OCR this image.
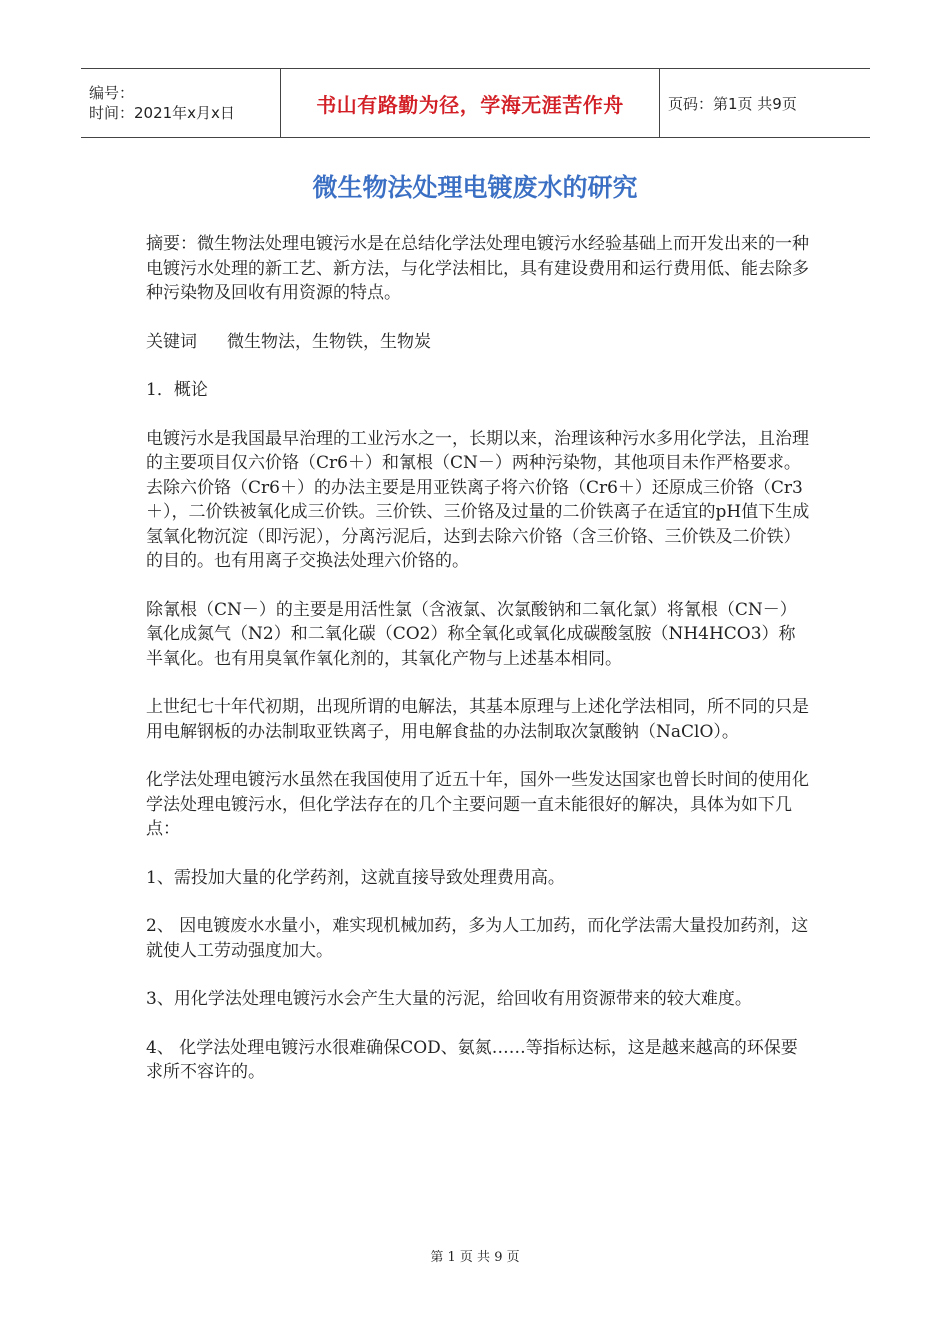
编号：
时间：2021年x月x日	书山有路勤为径，学海无涯苦作舟	页码：第1页 共9页
微生物法处理电镀废水的研究

摘要：微生物法处理电镀污水是在总结化学法处理电镀污水经验基础上而开发出来的一种电镀污水处理的新工艺、新方法，与化学法相比，具有建设费用和运行费用低、能去除多种污染物及回收有用资源的特点。

关键词 微生物法，生物铁，生物炭

1．概论

电镀污水是我国最早治理的工业污水之一，长期以来，治理该种污水多用化学法，且治理的主要项目仅六价铬（Cr6＋）和氰根（CN－）两种污染物，其他项目未作严格要求。去除六价铬（Cr6＋）的办法主要是用亚铁离子将六价铬（Cr6＋）还原成三价铬（Cr3＋），二价铁被氧化成三价铁。三价铁、三价铬及过量的二价铁离子在适宜的pH值下生成氢氧化物沉淀（即污泥），分离污泥后，达到去除六价铬（含三价铬、三价铁及二价铁）的目的。也有用离子交换法处理六价铬的。

除氰根（CN－）的主要是用活性氯（含液氯、次氯酸钠和二氧化氯）将氰根（CN－）氧化成氮气（N2）和二氧化碳（CO2）称全氧化或氧化成碳酸氢胺（NH4HCO3）称半氧化。也有用臭氧作氧化剂的，其氧化产物与上述基本相同。

上世纪七十年代初期，出现所谓的电解法，其基本原理与上述化学法相同，所不同的只是用电解钢板的办法制取亚铁离子，用电解食盐的办法制取次氯酸钠（NaClO）。

化学法处理电镀污水虽然在我国使用了近五十年，国外一些发达国家也曾长时间的使用化学法处理电镀污水，但化学法存在的几个主要问题一直未能很好的解决，具体为如下几点：

1、需投加大量的化学药剂，这就直接导致处理费用高。

2、 因电镀废水水量小，难实现机械加药，多为人工加药，而化学法需大量投加药剂，这就使人工劳动强度加大。

3、用化学法处理电镀污水会产生大量的污泥，给回收有用资源带来的较大难度。

4、 化学法处理电镀污水很难确保COD、氨氮……等指标达标，这是越来越高的环保要求所不容许的。

第 1 页 共 9 页
